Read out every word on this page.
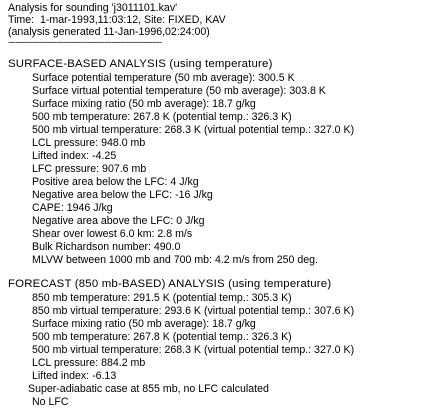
Analysis for sounding 'j3011101.kav'
Time:  1-mar-1993,11:03:12, Site: FIXED, KAV
(analysis generated 11-Jan-1996,02:24:00)
----------------------------------------------------------------
SURFACE-BASED ANALYSIS (using temperature)
Surface potential temperature (50 mb average): 300.5 K
Surface virtual potential temperature (50 mb average): 303.8 K
Surface mixing ratio (50 mb average): 18.7 g/kg
500 mb temperature: 267.8 K (potential temp.: 326.3 K)
500 mb virtual temperature: 268.3 K (virtual potential temp.: 327.0 K)
LCL pressure: 948.0 mb
Lifted index: -4.25
LFC pressure: 907.6 mb
Positive area below the LFC: 4 J/kg
Negative area below the LFC: -16 J/kg
CAPE: 1946 J/kg
Negative area above the LFC: 0 J/kg
Shear over lowest 6.0 km: 2.8 m/s
Bulk Richardson number: 490.0
MLVW between 1000 mb and 700 mb: 4.2 m/s from 250 deg.
FORECAST (850 mb-BASED) ANALYSIS (using temperature)
850 mb temperature: 291.5 K (potential temp.: 305.3 K)
850 mb virtual temperature: 293.6 K (virtual potential temp.: 307.6 K)
Surface mixing ratio (50 mb average): 18.7 g/kg
500 mb temperature: 267.8 K (potential temp.: 326.3 K)
500 mb virtual temperature: 268.3 K (virtual potential temp.: 327.0 K)
LCL pressure: 884.2 mb
Lifted index: -6.13
Super-adiabatic case at 855 mb, no LFC calculated
No LFC
